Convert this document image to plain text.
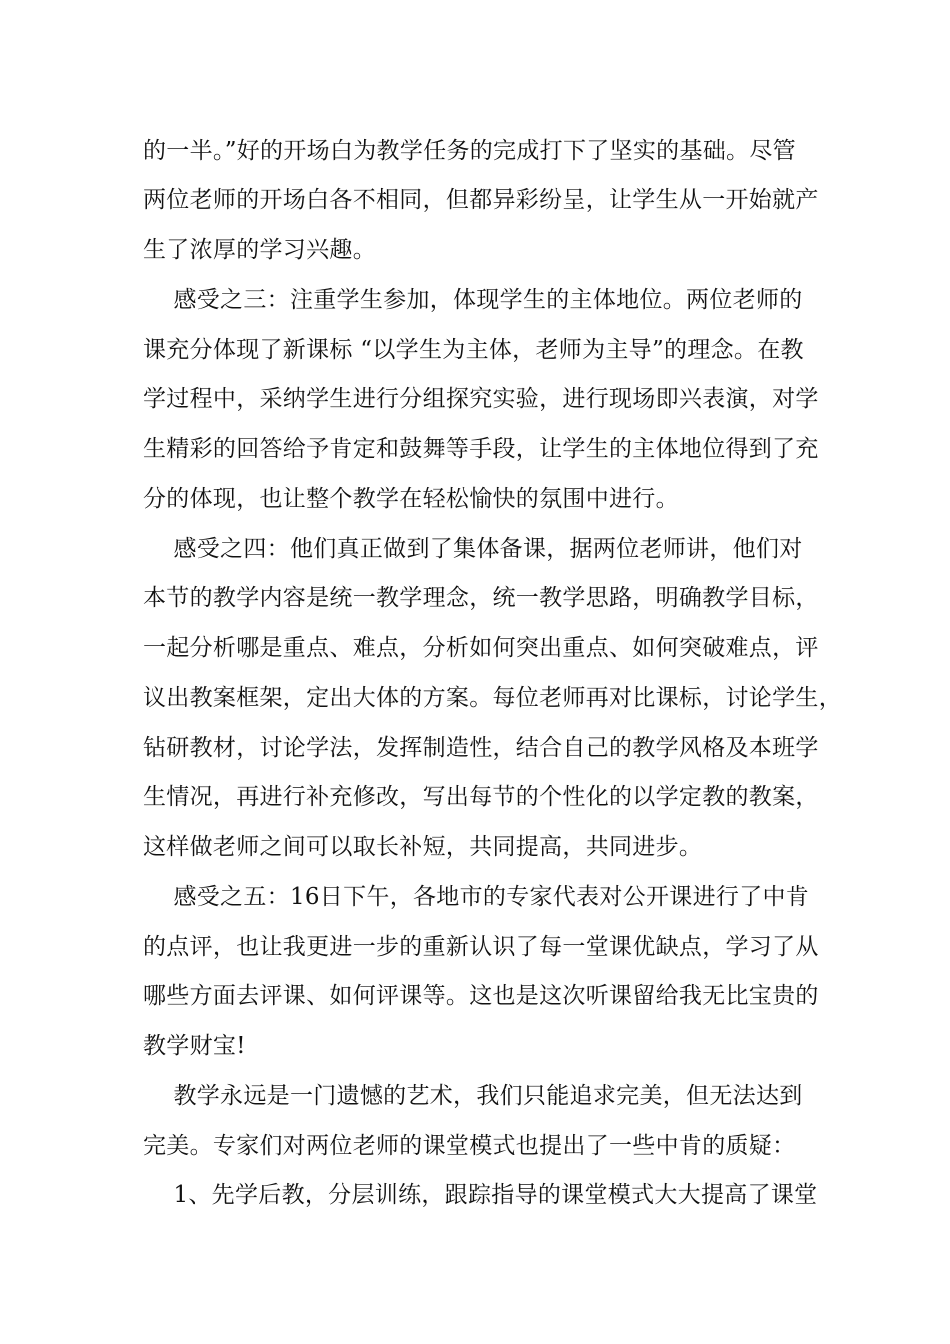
的一半。”好的开场白为教学任务的完成打下了坚实的基础。尽管
两位老师的开场白各不相同，但都异彩纷呈，让学生从一开始就产
生了浓厚的学习兴趣。
感受之三：注重学生参加，体现学生的主体地位。两位老师的
课充分体现了新课标 “以学生为主体，老师为主导”的理念。在教
学过程中，采纳学生进行分组探究实验，进行现场即兴表演，对学
生精彩的回答给予肯定和鼓舞等手段，让学生的主体地位得到了充
分的体现，也让整个教学在轻松愉快的氛围中进行。
感受之四：他们真正做到了集体备课，据两位老师讲，他们对
本节的教学内容是统一教学理念，统一教学思路，明确教学目标，
一起分析哪是重点、难点，分析如何突出重点、如何突破难点，评
议出教案框架，定出大体的方案。每位老师再对比课标，讨论学生，
钻研教材，讨论学法，发挥制造性，结合自己的教学风格及本班学
生情况，再进行补充修改，写出每节的个性化的以学定教的教案，
这样做老师之间可以取长补短，共同提高，共同进步。
感受之五：16日下午，各地市的专家代表对公开课进行了中肯
的点评，也让我更进一步的重新认识了每一堂课优缺点，学习了从
哪些方面去评课、如何评课等。这也是这次听课留给我无比宝贵的
教学财宝!
教学永远是一门遗憾的艺术，我们只能追求完美，但无法达到
完美。专家们对两位老师的课堂模式也提出了一些中肯的质疑：
1、先学后教，分层训练，跟踪指导的课堂模式大大提高了课堂
